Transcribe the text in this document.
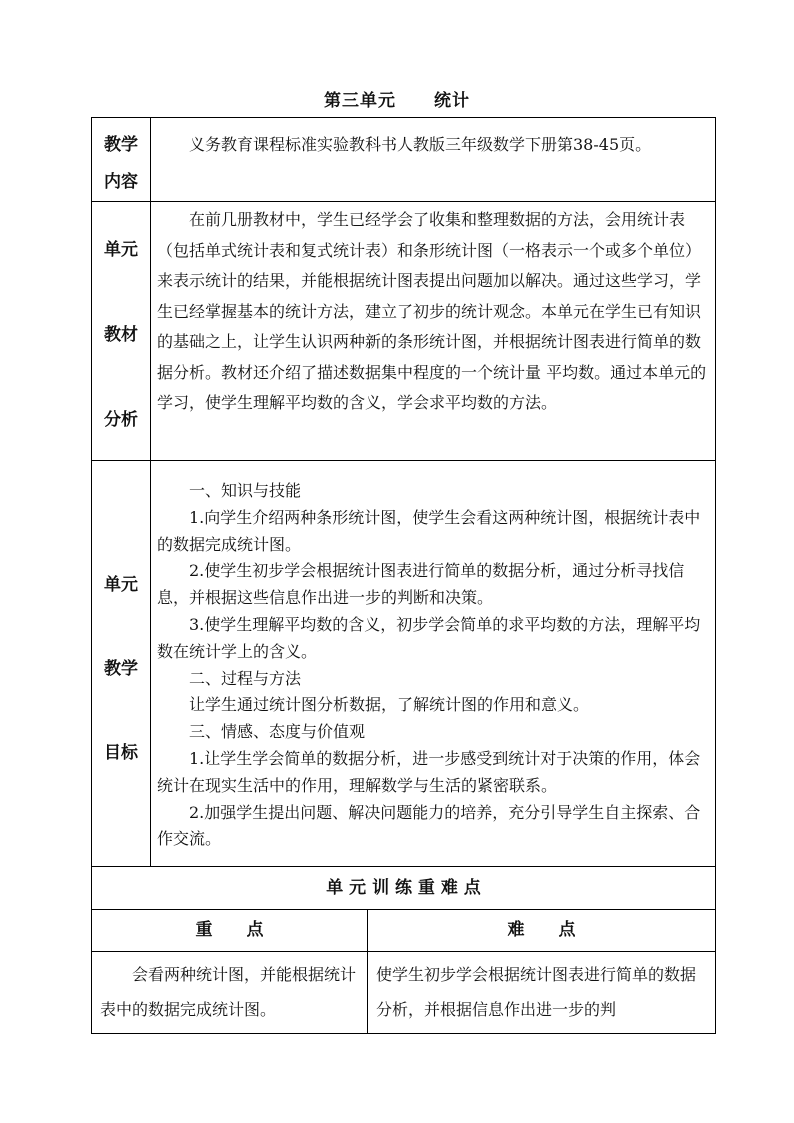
第三单元 统计
教学
内容

义务教育课程标准实验教科书人教版三年级数学下册第38-45页。

单元
教材
分析

在前几册教材中，学生已经学会了收集和整理数据的方法，会用统计表（包括单式统计表和复式统计表）和条形统计图（一格表示一个或多个单位）来表示统计的结果，并能根据统计图表提出问题加以解决。通过这些学习，学生已经掌握基本的统计方法，建立了初步的统计观念。本单元在学生已有知识的基础之上，让学生认识两种新的条形统计图，并根据统计图表进行简单的数据分析。教材还介绍了描述数据集中程度的一个统计量 平均数。通过本单元的学习，使学生理解平均数的含义，学会求平均数的方法。

单元
教学
目标

一、知识与技能

1.向学生介绍两种条形统计图，使学生会看这两种统计图，根据统计表中的数据完成统计图。

2.使学生初步学会根据统计图表进行简单的数据分析，通过分析寻找信息，并根据这些信息作出进一步的判断和决策。

3.使学生理解平均数的含义，初步学会简单的求平均数的方法，理解平均数在统计学上的含义。

二、过程与方法

让学生通过统计图分析数据，了解统计图的作用和意义。

三、情感、态度与价值观

1.让学生学会简单的数据分析，进一步感受到统计对于决策的作用，体会统计在现实生活中的作用，理解数学与生活的紧密联系。

2.加强学生提出问题、解决问题能力的培养，充分引导学生自主探索、合作交流。

单 元 训 练 重 难 点
重　　点	难　　点
会看两种统计图，并能根据统计表中的数据完成统计图。
使学生初步学会根据统计图表进行简单的数据分析，并根据信息作出进一步的判
